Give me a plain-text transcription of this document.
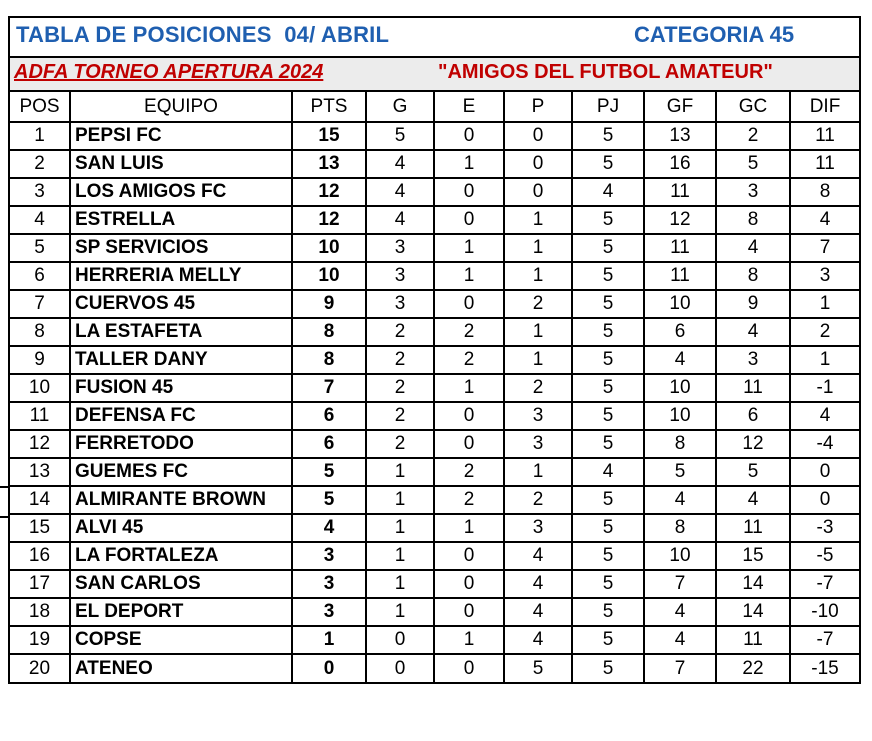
TABLA DE POSICIONES  04/ ABRIL	CATEGORIA 45
ADFA TORNEO APERTURA 2024	"AMIGOS DEL FUTBOL AMATEUR"
POS	EQUIPO	PTS	G	E	P	PJ	GF	GC	DIF
1	PEPSI FC	15	5	0	0	5	13	2	11
2	SAN LUIS	13	4	1	0	5	16	5	11
3	LOS AMIGOS FC	12	4	0	0	4	11	3	8
4	ESTRELLA	12	4	0	1	5	12	8	4
5	SP SERVICIOS	10	3	1	1	5	11	4	7
6	HERRERIA MELLY	10	3	1	1	5	11	8	3
7	CUERVOS 45	9	3	0	2	5	10	9	1
8	LA ESTAFETA	8	2	2	1	5	6	4	2
9	TALLER DANY	8	2	2	1	5	4	3	1
10	FUSION 45	7	2	1	2	5	10	11	-1
11	DEFENSA FC	6	2	0	3	5	10	6	4
12	FERRETODO	6	2	0	3	5	8	12	-4
13	GUEMES FC	5	1	2	1	4	5	5	0
14	ALMIRANTE BROWN	5	1	2	2	5	4	4	0
15	ALVI 45	4	1	1	3	5	8	11	-3
16	LA FORTALEZA	3	1	0	4	5	10	15	-5
17	SAN CARLOS	3	1	0	4	5	7	14	-7
18	EL DEPORT	3	1	0	4	5	4	14	-10
19	COPSE	1	0	1	4	5	4	11	-7
20	ATENEO	0	0	0	5	5	7	22	-15
